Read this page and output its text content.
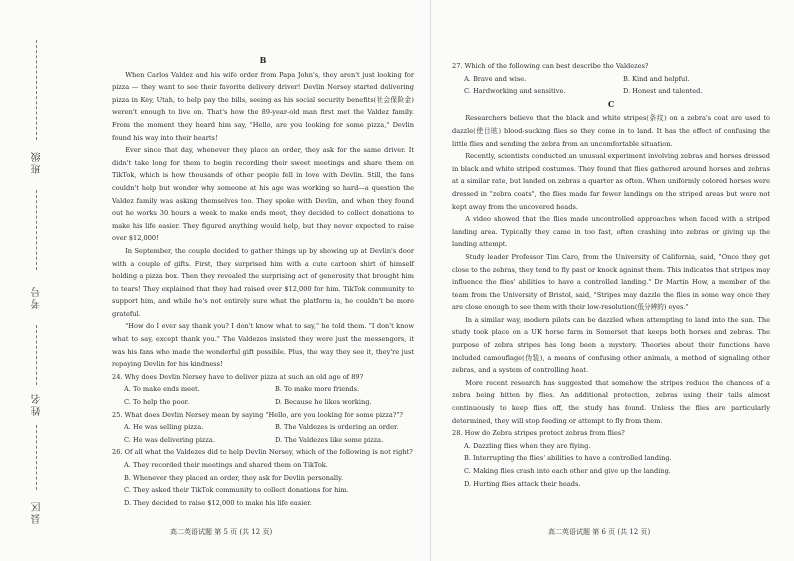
班级
考号
姓名
县区
B

When Carlos Valdez and his wife order from Papa John's, they aren't just looking for pizza — they want to see their favorite delivery driver! Devlin Nersey started delivering pizza in Key, Utah, to help pay the bills, seeing as his social security benefits(社会保险金) weren't enough to live on. That's how the 89-year-old man first met the Valdez family. From the moment they heard him say, "Hello, are you looking for some pizza," Devlin found his way into their hearts!

Ever since that day, whenever they place an order, they ask for the same driver. It didn't take long for them to begin recording their sweet meetings and share them on TikTok, which is how thousands of other people fell in love with Devlin. Still, the fans couldn't help but wonder why someone at his age was working so hard—a question the Valdez family was asking themselves too. They spoke with Devlin, and when they found out he works 30 hours a week to make ends meet, they decided to collect donations to make his life easier. They figured anything would help, but they never expected to raise over $12,000!

In September, the couple decided to gather things up by showing up at Devlin's door with a couple of gifts. First, they surprised him with a cute cartoon shirt of himself holding a pizza box. Then they revealed the surprising act of generosity that brought him to tears! They explained that they had raised over $12,000 for him. TikTok community to support him, and while he's not entirely sure what the platform is, he couldn't be more grateful.

"How do I ever say thank you? I don't know what to say," he told them. "I don't know what to say, except thank you." The Valdezes insisted they were just the messengers, it was his fans who made the wonderful gift possible. Plus, the way they see it, they're just repaying Devlin for his kindness!

24. Why does Devlin Nersey have to deliver pizza at such an old age of 89?

A. To make ends meet.	B. To make more friends.
C. To help the poor.	D. Because he likes working.

25. What does Devlin Nersey mean by saying "Hello, are you looking for some pizza?"?

A. He was selling pizza.	B. The Valdezes is ordering an order.
C. He was delivering pizza.	D. The Valdezes like some pizza.

26. Of all what the Valdezes did to help Devlin Nersey, which of the following is not right?

A. They recorded their meetings and shared them on TikTok.
B. Whenever they placed an order, they ask for Devlin personally.
C. They asked their TikTok community to collect donations for him.
D. They decided to raise $12,000 to make his life easier.
高二英语试题 第 5 页 (共 12 页)

27. Which of the following can best describe the Valdezes?

A. Brave and wise.	B. Kind and helpful.
C. Hardworking and sensitive.	D. Honest and talented.
C

Researchers believe that the black and white stripes(条纹) on a zebra's coat are used to dazzle(使目眩) blood-sucking flies so they come in to land. It has the effect of confusing the little flies and sending the zebra from an uncomfortable situation.

Recently, scientists conducted an unusual experiment involving zebras and horses dressed in black and white striped costumes. They found that flies gathered around horses and zebras at a similar rate, but landed on zebras a quarter as often. When uniformly colored horses were dressed in "zebra coats", the flies made far fewer landings on the striped areas but were not kept away from the uncovered heads.

A video showed that the flies made uncontrolled approaches when faced with a striped landing area. Typically they came in too fast, often crashing into zebras or giving up the landing attempt.

Study leader Professor Tim Caro, from the University of California, said, "Once they get close to the zebras, they tend to fly past or knock against them. This indicates that stripes may influence the flies' abilities to have a controlled landing." Dr Martin How, a member of the team from the University of Bristol, said, "Stripes may dazzle the flies in some way once they are close enough to see them with their low-resolution(低分辨的) eyes."

In a similar way, modern pilots can be dazzled when attempting to land into the sun. The study took place on a UK horse farm in Somerset that keeps both horses and zebras. The purpose of zebra stripes has long been a mystery. Theories about their functions have included camouflage(伪装), a means of confusing other animals, a method of signaling other zebras, and a system of controlling heat.

More recent research has suggested that somehow the stripes reduce the chances of a zebra being bitten by flies. An additional protection, zebras using their tails almost continuously to keep flies off, the study has found. Unless the flies are particularly determined, they will stop feeding or attempt to fly from them.

28. How do Zebra stripes protect zebras from flies?

A. Dazzling flies when they are flying.
B. Interrupting the flies' abilities to have a controlled landing.
C. Making flies crash into each other and give up the landing.
D. Hurting flies attack their heads.
高二英语试题 第 6 页 (共 12 页)
